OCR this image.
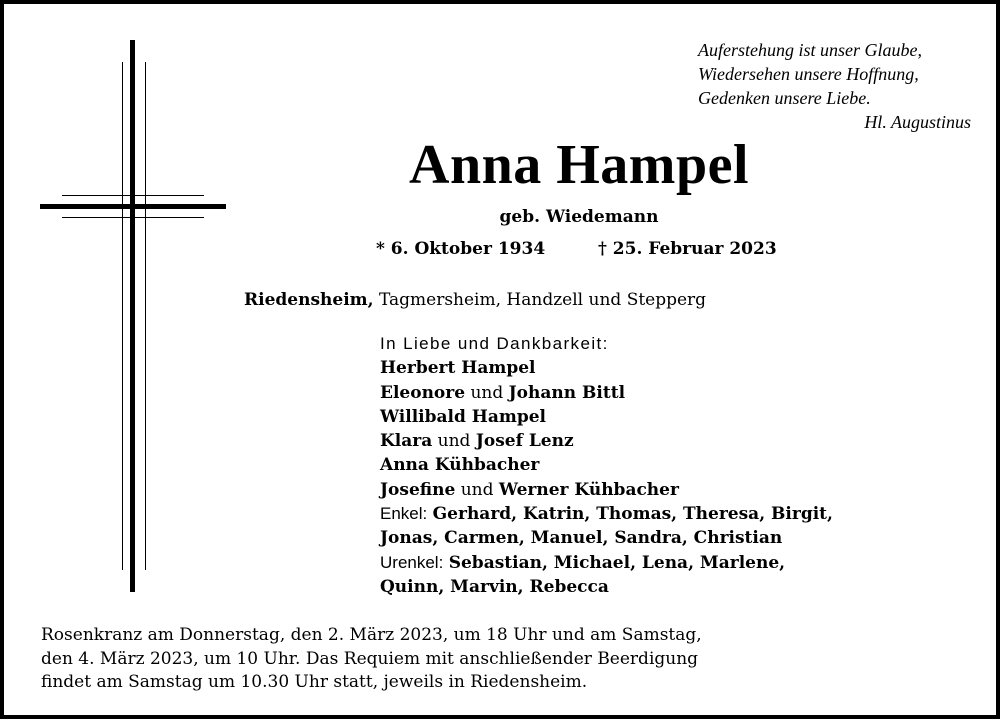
Auferstehung ist unser Glaube,
Wiedersehen unsere Hoffnung,
Gedenken unsere Liebe.
Hl. Augustinus
Anna Hampel
geb. Wiedemann
* 6. Oktober 1934	† 25. Februar 2023
Riedensheim, Tagmersheim, Handzell und Stepperg
In Liebe und Dankbarkeit:
Herbert Hampel
Eleonore und Johann Bittl
Willibald Hampel
Klara und Josef Lenz
Anna Kühbacher
Josefine und Werner Kühbacher
Enkel: Gerhard, Katrin, Thomas, Theresa, Birgit,
Jonas, Carmen, Manuel, Sandra, Christian
Urenkel: Sebastian, Michael, Lena, Marlene,
Quinn, Marvin, Rebecca
Rosenkranz am Donnerstag, den 2. März 2023, um 18 Uhr und am Samstag,
den 4. März 2023, um 10 Uhr. Das Requiem mit anschließender Beerdigung
findet am Samstag um 10.30 Uhr statt, jeweils in Riedensheim.
